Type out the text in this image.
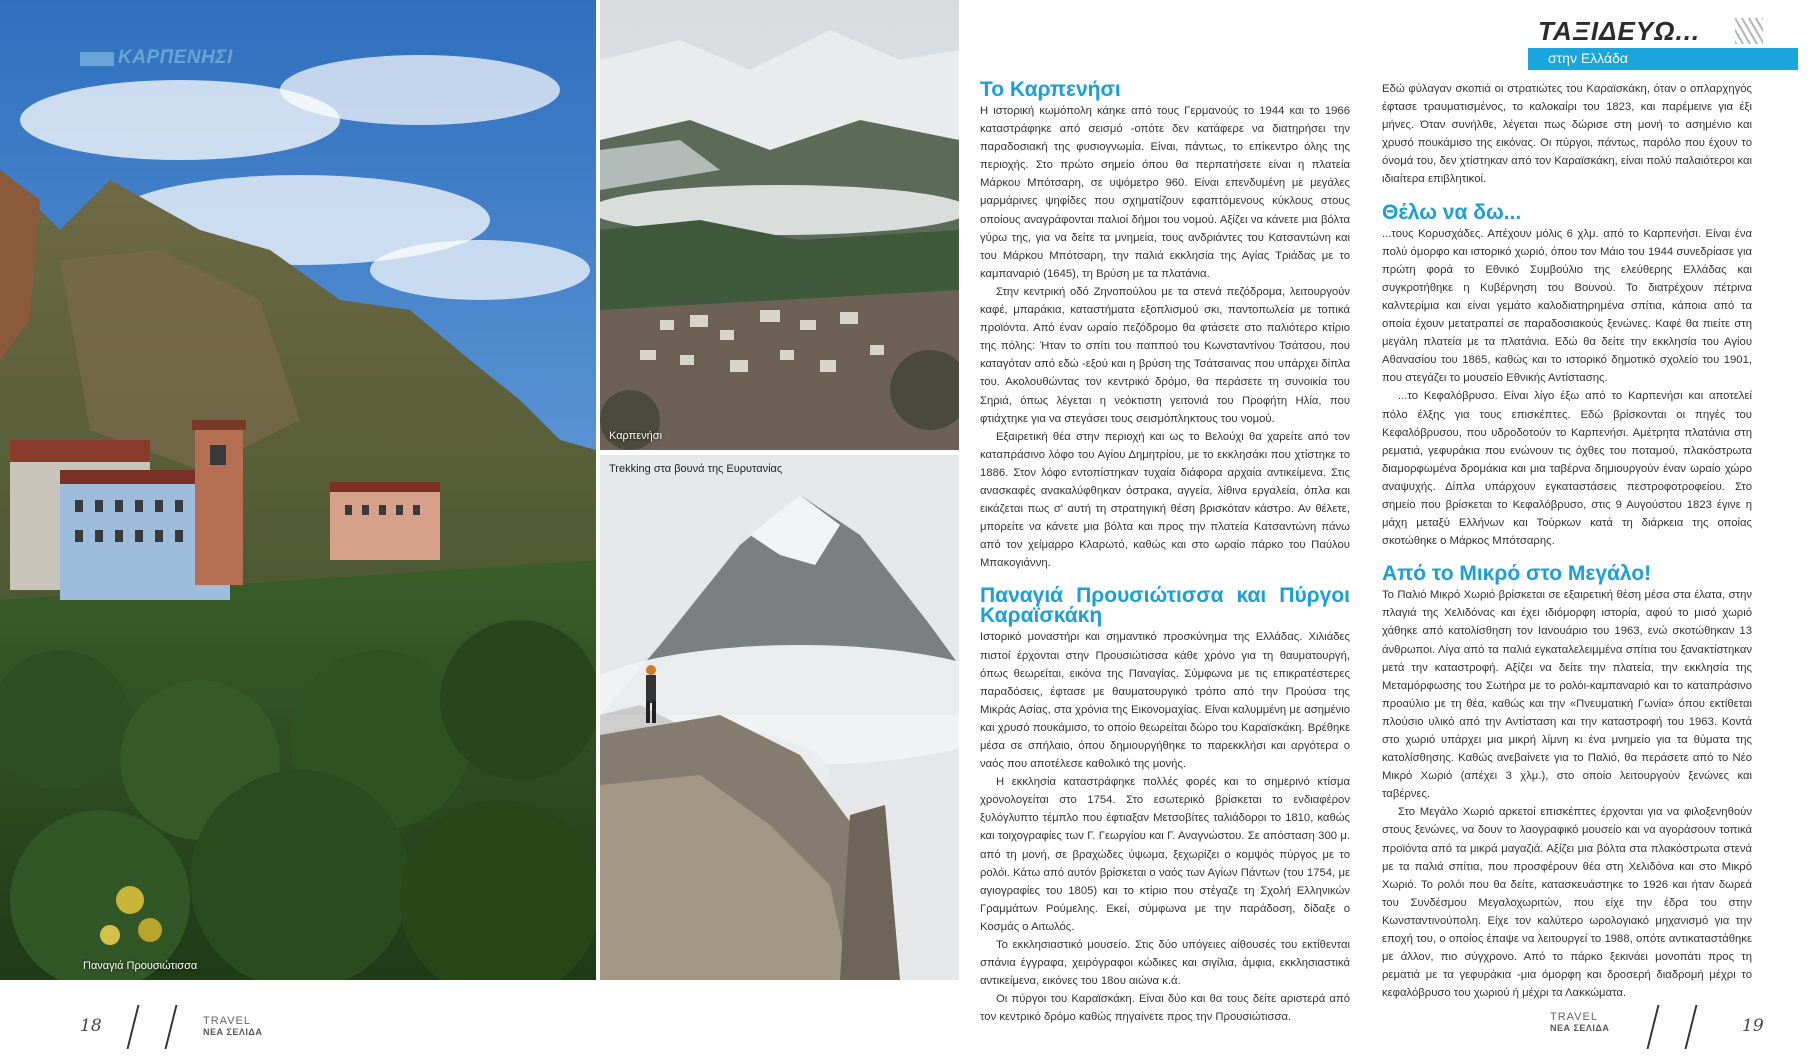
ΚΑΡΠΕΝΗΣΙ
Παναγιά Προυσιώτισσα
Καρπενήσι
Trekking στα βουνά της Ευρυτανίας
18	TRAVEL
ΝΕΑ ΣΕΛΙΔΑ
ΤΑΞΙΔΕΥΩ...
στην Ελλάδα
Το Καρπενήσι

Η ιστορική κωμόπολη κάηκε από τους Γερμανούς το 1944 και το 1966 καταστράφηκε από σεισμό -οπότε δεν κατάφερε να διατηρήσει την παραδοσιακή της φυσιογνωμία. Είναι, πάντως, το επίκεντρο όλης της περιοχής. Στο πρώτο σημείο όπου θα περπατήσετε είναι η πλατεία Μάρκου Μπότσαρη, σε υψόμετρο 960. Είναι επενδυμένη με μεγάλες μαρμάρινες ψηφίδες που σχηματίζουν εφαπτόμενους κύκλους στους οποίους αναγράφονται παλιοί δήμοι του νομού. Αξίζει να κάνετε μια βόλτα γύρω της, για να δείτε τα μνημεία, τους ανδριάντες του Κατσαντώνη και του Μάρκου Μπότσαρη, την παλιά εκκλησία της Αγίας Τριάδας με το καμπαναριό (1645), τη Βρύση με τα πλατάνια.

Στην κεντρική οδό Ζηνοπούλου με τα στενά πεζόδρομα, λειτουργούν καφέ, μπαράκια, καταστήματα εξοπλισμού σκι, παντοπωλεία με τοπικά προϊόντα. Από έναν ωραίο πεζόδρομο θα φτάσετε στο παλιότερο κτίριο της πόλης: Ήταν το σπίτι του παππού του Κωνσταντίνου Τσάτσου, που καταγόταν από εδώ -εξού και η βρύση της Τσάτσαινας που υπάρχει δίπλα του. Ακολουθώντας τον κεντρικό δρόμο, θα περάσετε τη συνοικία του Σηριά, όπως λέγεται η νεόκτιστη γειτονιά του Προφήτη Ηλία, που φτιάχτηκε για να στεγάσει τους σεισμόπληκτους του νομού.

Εξαιρετική θέα στην περιοχή και ως το Βελούχι θα χαρείτε από τον καταπράσινο λόφο του Αγίου Δημητρίου, με το εκκλησάκι που χτίστηκε το 1886. Στον λόφο εντοπίστηκαν τυχαία διάφορα αρχαία αντικείμενα. Στις ανασκαφές ανακαλύφθηκαν όστρακα, αγγεία, λίθινα εργαλεία, όπλα και εικάζεται πως σ' αυτή τη στρατηγική θέση βρισκόταν κάστρο. Αν θέλετε, μπορείτε να κάνετε μια βόλτα και προς την πλατεία Κατσαντώνη πάνω από τον χείμαρρο Κλαρωτό, καθώς και στο ωραίο πάρκο του Παύλου Μπακογιάννη.

Παναγιά Προυσιώτισσα και Πύργοι Καραϊσκάκη

Ιστορικό μοναστήρι και σημαντικό προσκύνημα της Ελλάδας. Χιλιάδες πιστοί έρχονται στην Προυσιώτισσα κάθε χρόνο για τη θαυματουργή, όπως θεωρείται, εικόνα της Παναγίας. Σύμφωνα με τις επικρατέστερες παραδόσεις, έφτασε με θαυματουργικό τρόπο από την Προύσα της Μικράς Ασίας, στα χρόνια της Εικονομαχίας. Είναι καλυμμένη με ασημένιο και χρυσό πουκάμισο, το οποίο θεωρείται δώρο του Καραϊσκάκη. Βρέθηκε μέσα σε σπήλαιο, όπου δημιουργήθηκε το παρεκκλήσι και αργότερα ο ναός που αποτέλεσε καθολικό της μονής.

Η εκκλησία καταστράφηκε πολλές φορές και το σημερινό κτίσμα χρονολογείται στο 1754. Στο εσωτερικό βρίσκεται το ενδιαφέρον ξυλόγλυπτο τέμπλο που έφτιαξαν Μετσοβίτες ταλιάδοροι το 1810, καθώς και τοιχογραφίες των Γ. Γεωργίου και Γ. Αναγνώστου. Σε απόσταση 300 μ. από τη μονή, σε βραχώδες ύψωμα, ξεχωρίζει ο κομψός πύργος με το ρολόι. Κάτω από αυτόν βρίσκεται ο ναός των Αγίων Πάντων (του 1754, με αγιογραφίες του 1805) και το κτίριο που στέγαζε τη Σχολή Ελληνικών Γραμμάτων Ρούμελης. Εκεί, σύμφωνα με την παράδοση, δίδαξε ο Κοσμάς ο Αιτωλός.

Το εκκλησιαστικό μουσείο. Στις δύο υπόγειες αίθουσές του εκτίθενται σπάνια έγγραφα, χειρόγραφοι κώδικες και σιγίλια, άμφια, εκκλησιαστικά αντικείμενα, εικόνες του 18ου αιώνα κ.ά.

Οι πύργοι του Καραϊσκάκη. Είναι δύο και θα τους δείτε αριστερά από τον κεντρικό δρόμο καθώς πηγαίνετε προς την Προυσιώτισσα.

Εδώ φύλαγαν σκοπιά οι στρατιώτες του Καραϊσκάκη, όταν ο οπλαρχηγός έφτασε τραυματισμένος, το καλοκαίρι του 1823, και παρέμεινε για έξι μήνες. Όταν συνήλθε, λέγεται πως δώρισε στη μονή το ασημένιο και χρυσό πουκάμισο της εικόνας. Οι πύργοι, πάντως, παρόλο που έχουν το όνομά του, δεν χτίστηκαν από τον Καραϊσκάκη, είναι πολύ παλαιότεροι και ιδιαίτερα επιβλητικοί.

Θέλω να δω...

...τους Κορυσχάδες. Απέχουν μόλις 6 χλμ. από το Καρπενήσι. Είναι ένα πολύ όμορφο και ιστορικό χωριό, όπου τον Μάιο του 1944 συνεδρίασε για πρώτη φορά το Εθνικό Συμβούλιο της ελεύθερης Ελλάδας και συγκροτήθηκε η Κυβέρνηση του Βουνού. Το διατρέχουν πέτρινα καλντερίμια και είναι γεμάτο καλοδιατηρημένα σπίτια, κάποια από τα οποία έχουν μετατραπεί σε παραδοσιακούς ξενώνες. Καφέ θα πιείτε στη μεγάλη πλατεία με τα πλατάνια. Εδώ θα δείτε την εκκλησία του Αγίου Αθανασίου του 1865, καθώς και το ιστορικό δημοτικό σχολείο του 1901, που στεγάζει το μουσείο Εθνικής Αντίστασης.

...το Κεφαλόβρυσο. Είναι λίγο έξω από το Καρπενήσι και αποτελεί πόλο έλξης για τους επισκέπτες. Εδώ βρίσκονται οι πηγές του Κεφαλόβρυσου, που υδροδοτούν το Καρπενήσι. Αμέτρητα πλατάνια στη ρεματιά, γεφυράκια που ενώνουν τις όχθες του ποταμού, πλακόστρωτα διαμορφωμένα δρομάκια και μια ταβέρνα δημιουργούν έναν ωραίο χώρο αναψυχής. Δίπλα υπάρχουν εγκαταστάσεις πεστροφοτροφείου. Στο σημείο που βρίσκεται το Κεφαλόβρυσο, στις 9 Αυγούστου 1823 έγινε η μάχη μεταξύ Ελλήνων και Τούρκων κατά τη διάρκεια της οποίας σκοτώθηκε ο Μάρκος Μπότσαρης.

Από το Μικρό στο Μεγάλο!

Το Παλιό Μικρό Χωριό βρίσκεται σε εξαιρετική θέση μέσα στα έλατα, στην πλαγιά της Χελιδόνας και έχει ιδιόμορφη ιστορία, αφού το μισό χωριό χάθηκε από κατολίσθηση τον Ιανουάριο του 1963, ενώ σκοτώθηκαν 13 άνθρωποι. Λίγα από τα παλιά εγκαταλελειμμένα σπίτια του ξανακτίστηκαν μετά την καταστροφή. Αξίζει να δείτε την πλατεία, την εκκλησία της Μεταμόρφωσης του Σωτήρα με το ρολόι-καμπαναριό και το καταπράσινο προαύλιο με τη θέα, καθώς και την «Πνευματική Γωνία» όπου εκτίθεται πλούσιο υλικό από την Αντίσταση και την καταστροφή του 1963. Κοντά στο χωριό υπάρχει μια μικρή λίμνη κι ένα μνημείο για τα θύματα της κατολίσθησης. Καθώς ανεβαίνετε για το Παλιό, θα περάσετε από το Νέο Μικρό Χωριό (απέχει 3 χλμ.), στο οποίο λειτουργούν ξενώνες και ταβέρνες.

Στο Μεγάλο Χωριό αρκετοί επισκέπτες έρχονται για να φιλοξενηθούν στους ξενώνες, να δουν το λαογραφικό μουσείο και να αγοράσουν τοπικά προϊόντα από τα μικρά μαγαζιά. Αξίζει μια βόλτα στα πλακόστρωτα στενά με τα παλιά σπίτια, που προσφέρουν θέα στη Χελιδόνα και στο Μικρό Χωριό. Το ρολόι που θα δείτε, κατασκευάστηκε το 1926 και ήταν δωρεά του Συνδέσμου Μεγαλοχωριτών, που είχε την έδρα του στην Κωνσταντινούπολη. Είχε τον καλύτερο ωρολογιακό μηχανισμό για την εποχή του, ο οποίος έπαψε να λειτουργεί το 1988, οπότε αντικαταστάθηκε με άλλον, πιο σύγχρονο. Από το πάρκο ξεκινάει μονοπάτι προς τη ρεματιά με τα γεφυράκια -μια όμορφη και δροσερή διαδρομή μέχρι το κεφαλόβρυσο του χωριού ή μέχρι τα Λακκώματα.

TRAVEL
ΝΕΑ ΣΕΛΙΔΑ	19
